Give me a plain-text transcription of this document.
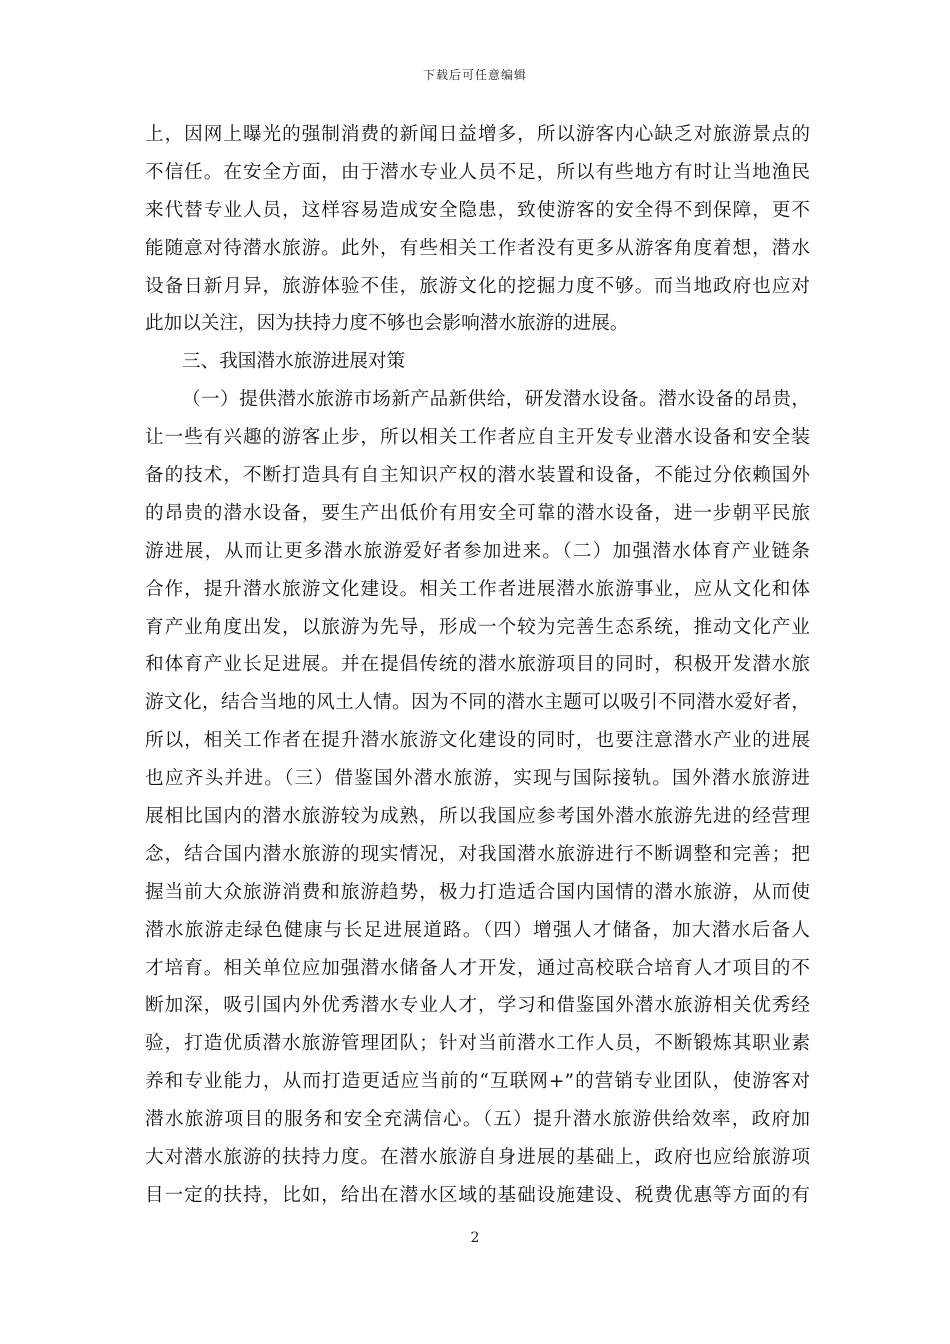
下载后可任意编辑
上，因网上曝光的强制消费的新闻日益增多，所以游客内心缺乏对旅游景点的
不信任。在安全方面，由于潜水专业人员不足，所以有些地方有时让当地渔民
来代替专业人员，这样容易造成安全隐患，致使游客的安全得不到保障，更不
能随意对待潜水旅游。此外，有些相关工作者没有更多从游客角度着想，潜水
设备日新月异，旅游体验不佳，旅游文化的挖掘力度不够。而当地政府也应对
此加以关注，因为扶持力度不够也会影响潜水旅游的进展。
三、我国潜水旅游进展对策
（一）提供潜水旅游市场新产品新供给，研发潜水设备。潜水设备的昂贵，
让一些有兴趣的游客止步，所以相关工作者应自主开发专业潜水设备和安全装
备的技术，不断打造具有自主知识产权的潜水装置和设备，不能过分依赖国外
的昂贵的潜水设备，要生产出低价有用安全可靠的潜水设备，进一步朝平民旅
游进展，从而让更多潜水旅游爱好者参加进来。（二）加强潜水体育产业链条
合作，提升潜水旅游文化建设。相关工作者进展潜水旅游事业，应从文化和体
育产业角度出发，以旅游为先导，形成一个较为完善生态系统，推动文化产业
和体育产业长足进展。并在提倡传统的潜水旅游项目的同时，积极开发潜水旅
游文化，结合当地的风土人情。因为不同的潜水主题可以吸引不同潜水爱好者，
所以，相关工作者在提升潜水旅游文化建设的同时，也要注意潜水产业的进展
也应齐头并进。（三）借鉴国外潜水旅游，实现与国际接轨。国外潜水旅游进
展相比国内的潜水旅游较为成熟，所以我国应参考国外潜水旅游先进的经营理
念，结合国内潜水旅游的现实情况，对我国潜水旅游进行不断调整和完善；把
握当前大众旅游消费和旅游趋势，极力打造适合国内国情的潜水旅游，从而使
潜水旅游走绿色健康与长足进展道路。（四）增强人才储备，加大潜水后备人
才培育。相关单位应加强潜水储备人才开发，通过高校联合培育人才项目的不
断加深，吸引国内外优秀潜水专业人才，学习和借鉴国外潜水旅游相关优秀经
验，打造优质潜水旅游管理团队；针对当前潜水工作人员，不断锻炼其职业素
养和专业能力，从而打造更适应当前的“互联网+”的营销专业团队，使游客对
潜水旅游项目的服务和安全充满信心。（五）提升潜水旅游供给效率，政府加
大对潜水旅游的扶持力度。在潜水旅游自身进展的基础上，政府也应给旅游项
目一定的扶持，比如，给出在潜水区域的基础设施建设、税费优惠等方面的有
2
